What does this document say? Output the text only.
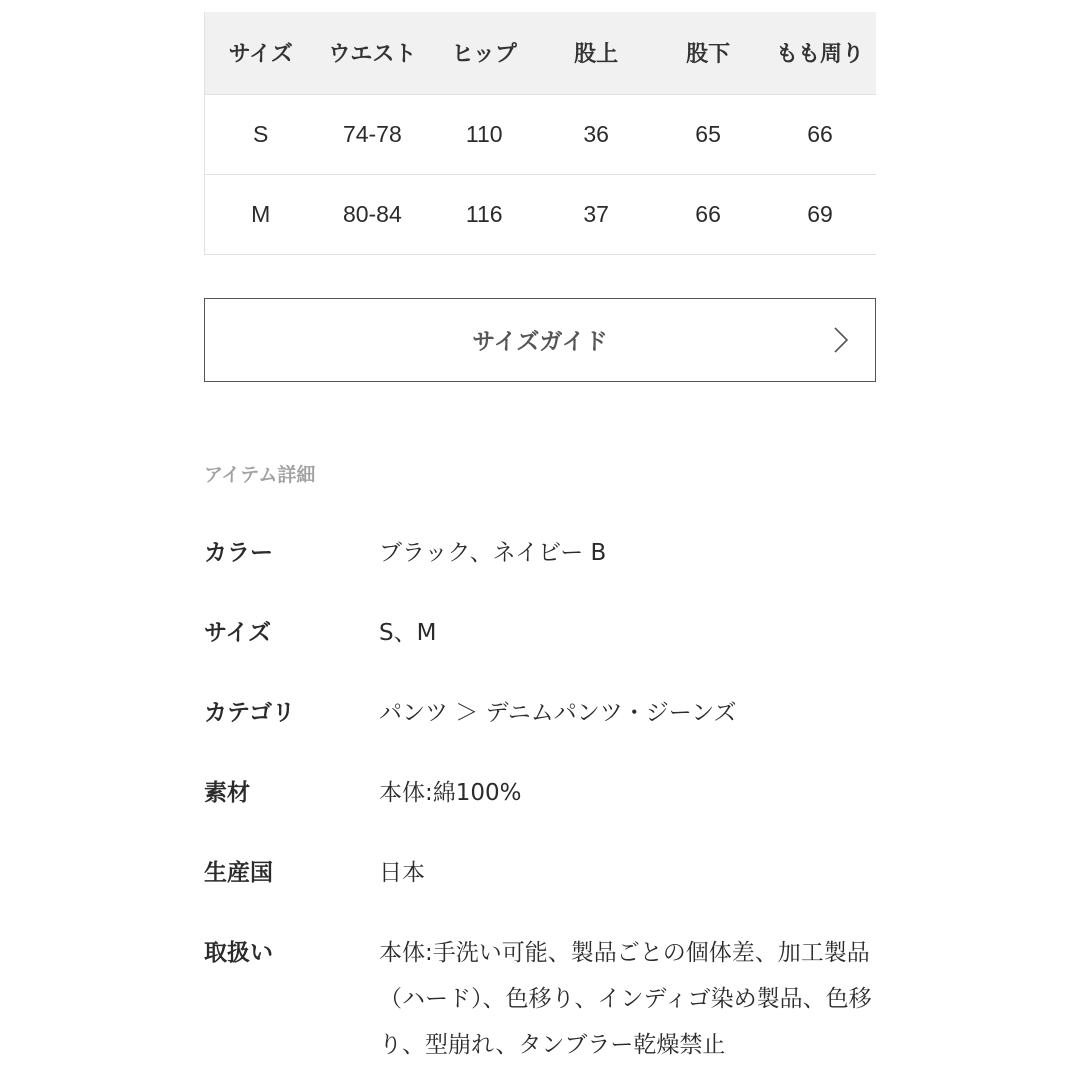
サイズ	ウエスト	ヒップ	股上	股下	もも周り
S	74-78	110	36	65	66
M	80-84	116	37	66	69
サイズガイド
アイテム詳細
カラー	ブラック、ネイビー B
サイズ	S、M
カテゴリ	パンツ ＞ デニムパンツ・ジーンズ
素材	本体:綿100%
生産国	日本
取扱い	本体:手洗い可能、製品ごとの個体差、加工製品（ハード）、色移り、インディゴ染め製品、色移り、型崩れ、タンブラー乾燥禁止
